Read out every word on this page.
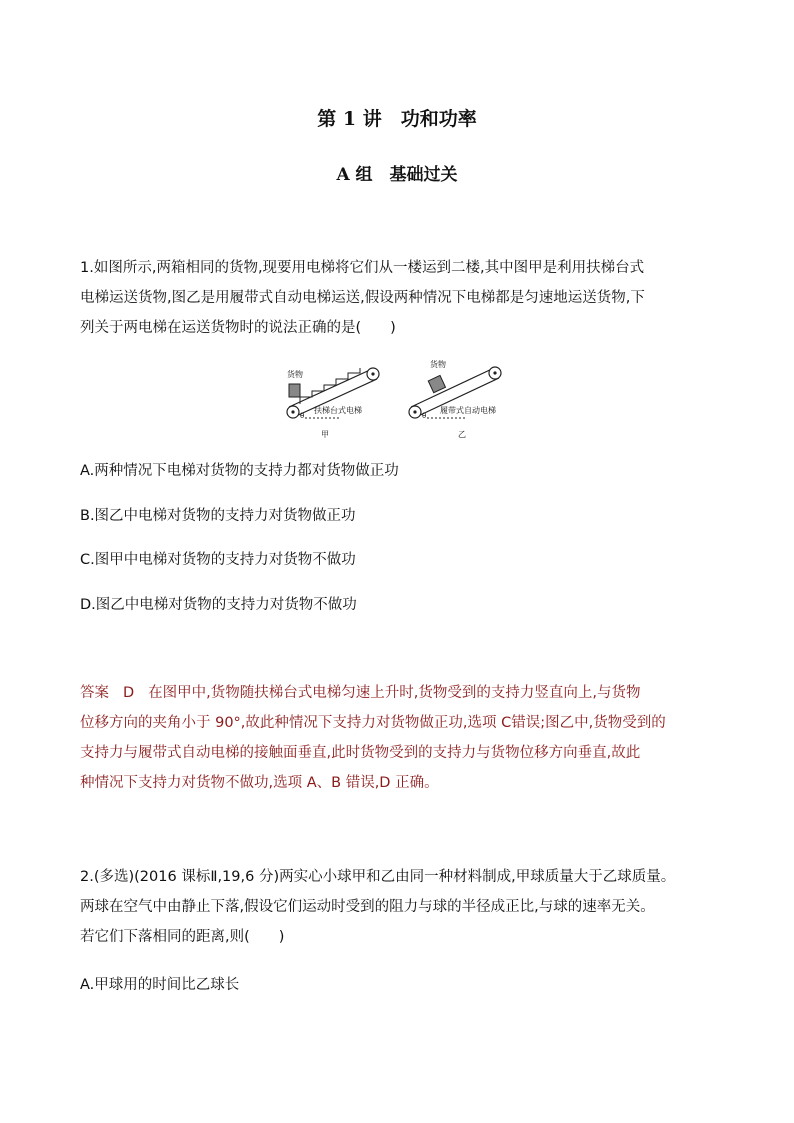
第 1 讲　功和功率
A 组　基础过关
1.如图所示,两箱相同的货物,现要用电梯将它们从一楼运到二楼,其中图甲是利用扶梯台式
电梯运送货物,图乙是用履带式自动电梯运送,假设两种情况下电梯都是匀速地运送货物,下
列关于两电梯在运送货物时的说法正确的是(　　)
货物
θ
扶梯台式电梯
甲
货物
θ
履带式自动电梯
乙
A.两种情况下电梯对货物的支持力都对货物做正功
B.图乙中电梯对货物的支持力对货物做正功
C.图甲中电梯对货物的支持力对货物不做功
D.图乙中电梯对货物的支持力对货物不做功
答案 D 在图甲中,货物随扶梯台式电梯匀速上升时,货物受到的支持力竖直向上,与货物
位移方向的夹角小于 90°,故此种情况下支持力对货物做正功,选项 C错误;图乙中,货物受到的
支持力与履带式自动电梯的接触面垂直,此时货物受到的支持力与货物位移方向垂直,故此
种情况下支持力对货物不做功,选项 A、B 错误,D 正确。
2.(多选)(2016 课标Ⅱ,19,6 分)两实心小球甲和乙由同一种材料制成,甲球质量大于乙球质量。
两球在空气中由静止下落,假设它们运动时受到的阻力与球的半径成正比,与球的速率无关。
若它们下落相同的距离,则(　　)
A.甲球用的时间比乙球长
